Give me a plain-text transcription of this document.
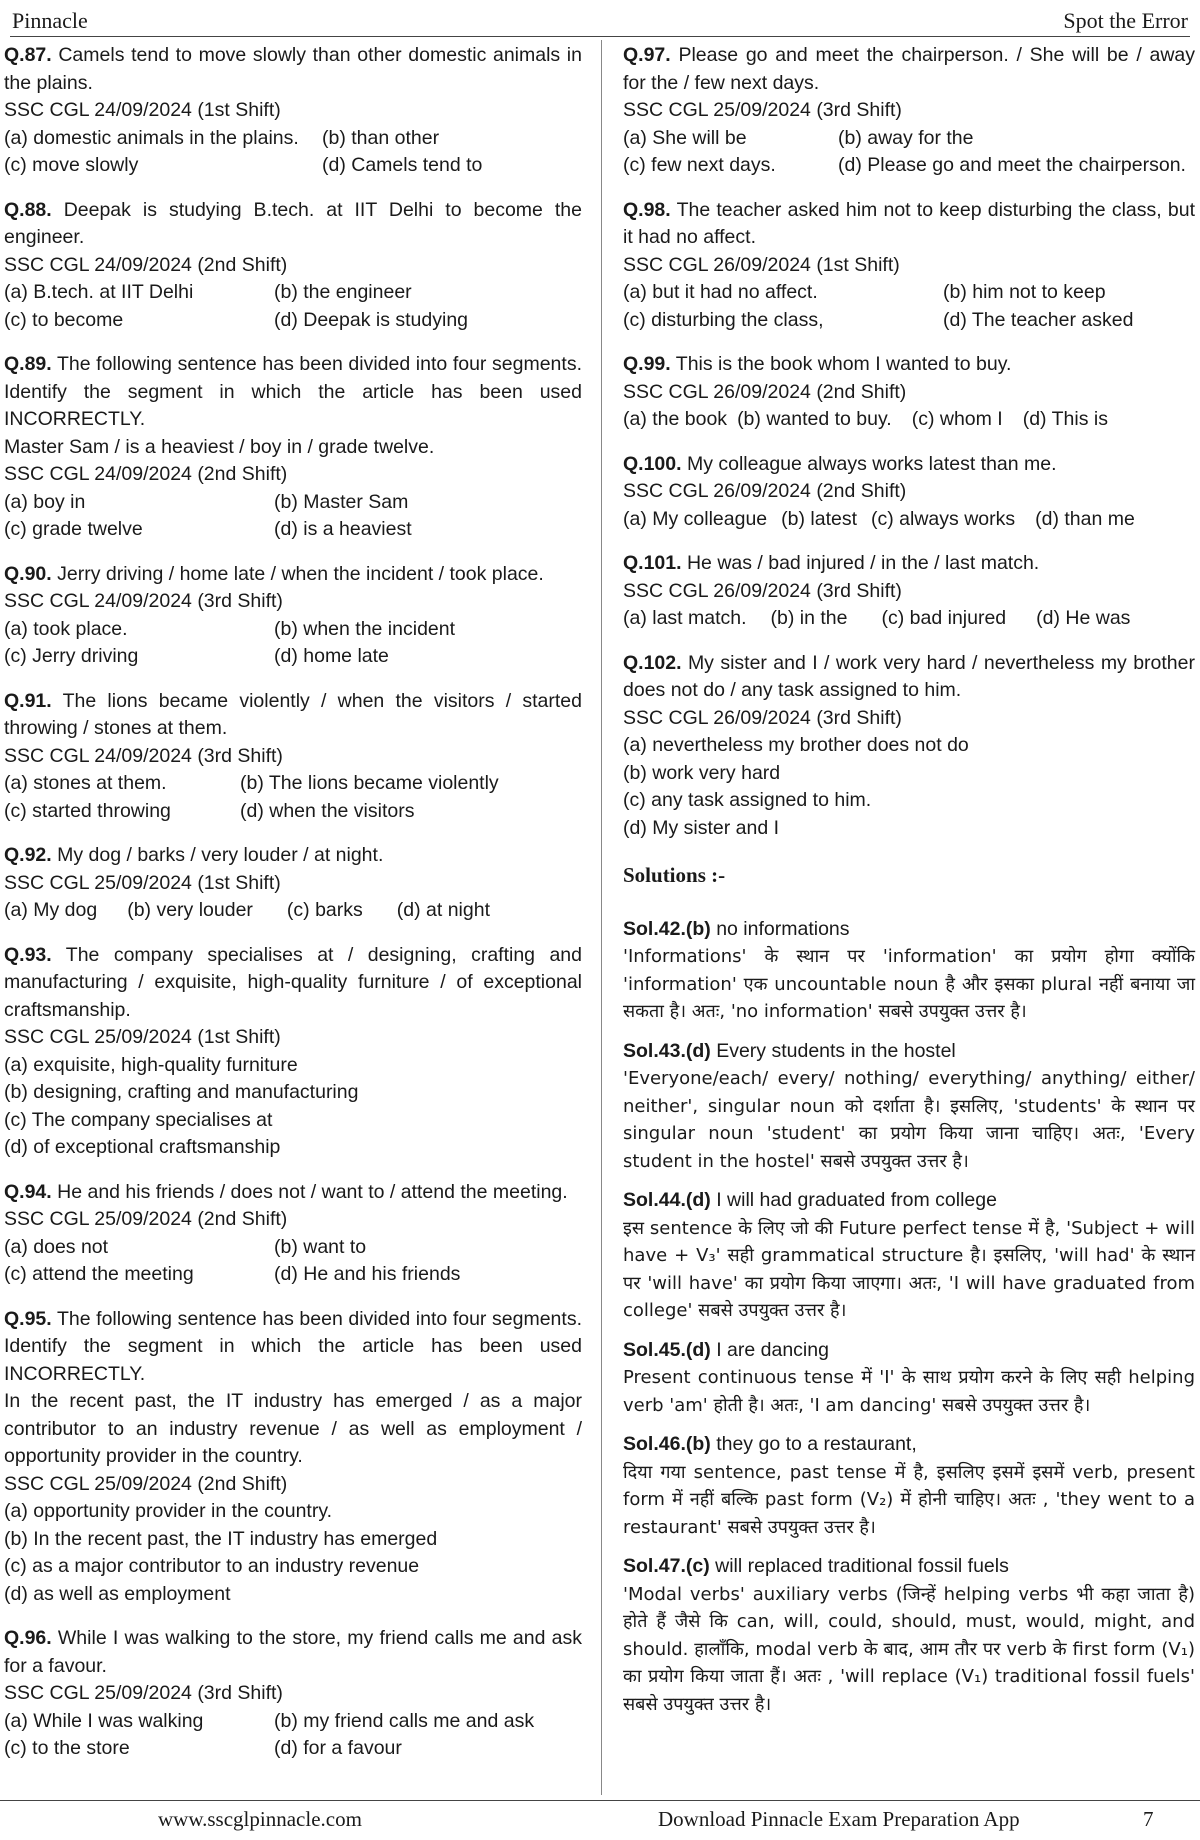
Pinnacle	Spot the Error
Q.87. Camels tend to move slowly than other domestic animals in the plains.
SSC CGL 24/09/2024 (1st Shift)
(a) domestic animals in the plains.	(b) than other
(c) move slowly	(d) Camels tend to
Q.88. Deepak is studying B.tech. at IIT Delhi to become the engineer.
SSC CGL 24/09/2024 (2nd Shift)
(a) B.tech. at IIT Delhi	(b) the engineer
(c) to become	(d) Deepak is studying
Q.89. The following sentence has been divided into four segments. Identify the segment in which the article has been used INCORRECTLY.
Master Sam / is a heaviest / boy in / grade twelve.
SSC CGL 24/09/2024 (2nd Shift)
(a) boy in	(b) Master Sam
(c) grade twelve	(d) is a heaviest
Q.90. Jerry driving / home late / when the incident / took place.
SSC CGL 24/09/2024 (3rd Shift)
(a) took place.	(b) when the incident
(c) Jerry driving	(d) home late
Q.91. The lions became violently / when the visitors / started throwing / stones at them.
SSC CGL 24/09/2024 (3rd Shift)
(a) stones at them.	(b) The lions became violently
(c) started throwing	(d) when the visitors
Q.92. My dog / barks / very louder / at night.
SSC CGL 25/09/2024 (1st Shift)
(a) My dog (b) very louder (c) barks (d) at night
Q.93. The company specialises at / designing, crafting and manufacturing / exquisite, high-quality furniture / of exceptional craftsmanship.
SSC CGL 25/09/2024 (1st Shift)
(a) exquisite, high-quality furniture
(b) designing, crafting and manufacturing
(c) The company specialises at
(d) of exceptional craftsmanship
Q.94. He and his friends / does not / want to / attend the meeting.
SSC CGL 25/09/2024 (2nd Shift)
(a) does not	(b) want to
(c) attend the meeting	(d) He and his friends
Q.95. The following sentence has been divided into four segments. Identify the segment in which the article has been used INCORRECTLY.
In the recent past, the IT industry has emerged / as a major contributor to an industry revenue / as well as employment / opportunity provider in the country.
SSC CGL 25/09/2024 (2nd Shift)
(a) opportunity provider in the country.
(b) In the recent past, the IT industry has emerged
(c) as a major contributor to an industry revenue
(d) as well as employment
Q.96. While I was walking to the store, my friend calls me and ask for a favour.
SSC CGL 25/09/2024 (3rd Shift)
(a) While I was walking	(b) my friend calls me and ask
(c) to the store	(d) for a favour
Q.97. Please go and meet the chairperson. / She will be / away for the / few next days.
SSC CGL 25/09/2024 (3rd Shift)
(a) She will be	(b) away for the
(c) few next days.	(d) Please go and meet the chairperson.
Q.98. The teacher asked him not to keep disturbing the class, but it had no affect.
SSC CGL 26/09/2024 (1st Shift)
(a) but it had no affect.	(b) him not to keep
(c) disturbing the class,	(d) The teacher asked
Q.99. This is the book whom I wanted to buy.
SSC CGL 26/09/2024 (2nd Shift)
(a) the book (b) wanted to buy. (c) whom I (d) This is
Q.100. My colleague always works latest than me.
SSC CGL 26/09/2024 (2nd Shift)
(a) My colleague (b) latest (c) always works (d) than me
Q.101. He was / bad injured / in the / last match.
SSC CGL 26/09/2024 (3rd Shift)
(a) last match. (b) in the (c) bad injured (d) He was
Q.102. My sister and I / work very hard / nevertheless my brother does not do / any task assigned to him.
SSC CGL 26/09/2024 (3rd Shift)
(a) nevertheless my brother does not do
(b) work very hard
(c) any task assigned to him.
(d) My sister and I
Solutions :-
Sol.42.(b) no informations
'Informations' के स्थान पर 'information' का प्रयोग होगा क्योंकि 'information' एक uncountable noun है और इसका plural नहीं बनाया जा सकता है। अतः, 'no information' सबसे उपयुक्त उत्तर है।
Sol.43.(d) Every students in the hostel
'Everyone/each/ every/ nothing/ everything/ anything/ either/ neither', singular noun को दर्शाता है। इसलिए, 'students' के स्थान पर singular noun 'student' का प्रयोग किया जाना चाहिए। अतः, 'Every student in the hostel' सबसे उपयुक्त उत्तर है।
Sol.44.(d) I will had graduated from college
इस sentence के लिए जो की Future perfect tense में है, 'Subject + will have + V₃' सही grammatical structure है। इसलिए, 'will had' के स्थान पर 'will have' का प्रयोग किया जाएगा। अतः, 'I will have graduated from college' सबसे उपयुक्त उत्तर है।
Sol.45.(d) I are dancing
Present continuous tense में 'I' के साथ प्रयोग करने के लिए सही helping verb 'am' होती है। अतः, 'I am dancing' सबसे उपयुक्त उत्तर है।
Sol.46.(b) they go to a restaurant,
दिया गया sentence, past tense में है, इसलिए इसमें इसमें verb, present form में नहीं बल्कि past form (V₂) में होनी चाहिए। अतः , 'they went to a restaurant' सबसे उपयुक्त उत्तर है।
Sol.47.(c) will replaced traditional fossil fuels
'Modal verbs' auxiliary verbs (जिन्हें helping verbs भी कहा जाता है) होते हैं जैसे कि can, will, could, should, must, would, might, and should. हालाँकि, modal verb के बाद, आम तौर पर verb के first form (V₁) का प्रयोग किया जाता हैं। अतः , 'will replace (V₁) traditional fossil fuels' सबसे उपयुक्त उत्तर है।
www.sscglpinnacle.com	Download Pinnacle Exam Preparation App	7
